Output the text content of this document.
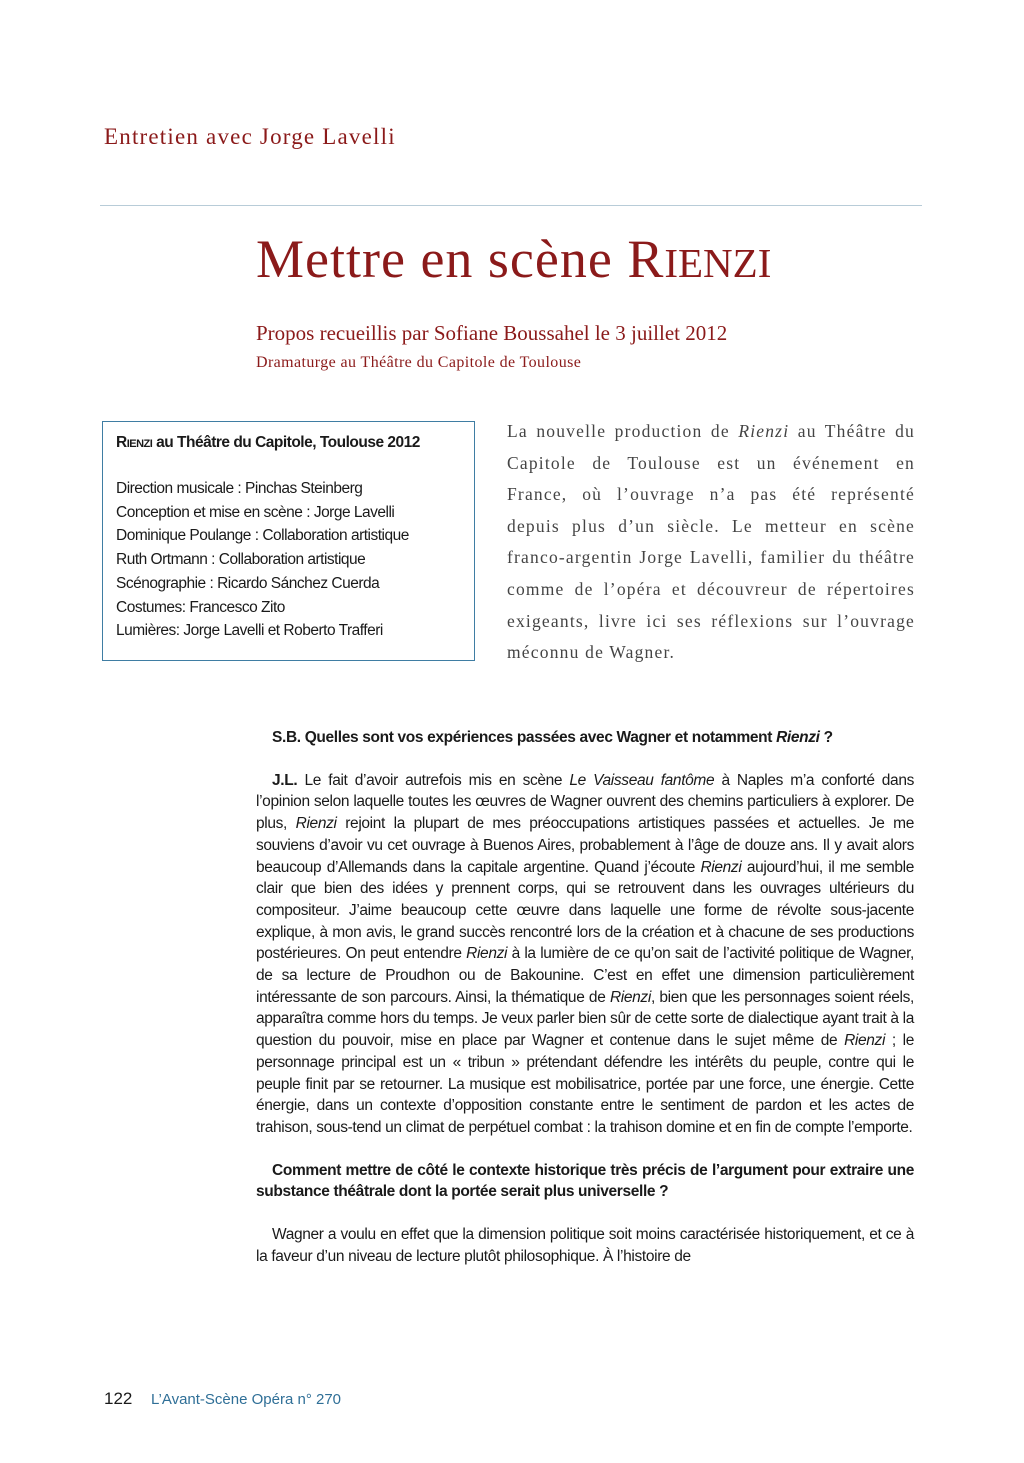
Entretien avec Jorge Lavelli
Mettre en scène RIENZI
Propos recueillis par Sofiane Boussahel le 3 juillet 2012
Dramaturge au Théâtre du Capitole de Toulouse
RIENZI au Théâtre du Capitole, Toulouse 2012
Direction musicale : Pinchas Steinberg
Conception et mise en scène : Jorge Lavelli
Dominique Poulange : Collaboration artistique
Ruth Ortmann : Collaboration artistique
Scénographie : Ricardo Sánchez Cuerda
Costumes: Francesco Zito
Lumières: Jorge Lavelli et Roberto Trafferi
La nouvelle production de Rienzi au Théâtre du Capitole de Toulouse est un événement en France, où l’ouvrage n’a pas été représenté depuis plus d’un siècle. Le metteur en scène franco-argentin Jorge Lavelli, familier du théâtre comme de l’opéra et découvreur de répertoires exigeants, livre ici ses réflexions sur l’ouvrage méconnu de Wagner.

S.B. Quelles sont vos expériences passées avec Wagner et notamment Rienzi ?

J.L. Le fait d’avoir autrefois mis en scène Le Vaisseau fantôme à Naples m’a conforté dans l’opinion selon laquelle toutes les œuvres de Wagner ouvrent des chemins particuliers à explorer. De plus, Rienzi rejoint la plupart de mes préoccupations artistiques passées et actuelles. Je me souviens d’avoir vu cet ouvrage à Buenos Aires, probablement à l’âge de douze ans. Il y avait alors beaucoup d’Allemands dans la capitale argentine. Quand j’écoute Rienzi aujourd’hui, il me semble clair que bien des idées y prennent corps, qui se retrouvent dans les ouvrages ultérieurs du compositeur. J’aime beaucoup cette œuvre dans laquelle une forme de révolte sous-jacente explique, à mon avis, le grand succès rencontré lors de la création et à chacune de ses productions postérieures. On peut entendre Rienzi à la lumière de ce qu’on sait de l’activité politique de Wagner, de sa lecture de Proudhon ou de Bakounine. C’est en effet une dimension particulièrement intéressante de son parcours. Ainsi, la thématique de Rienzi, bien que les personnages soient réels, apparaîtra comme hors du temps. Je veux parler bien sûr de cette sorte de dialectique ayant trait à la question du pouvoir, mise en place par Wagner et contenue dans le sujet même de Rienzi ; le personnage principal est un « tribun » prétendant défendre les intérêts du peuple, contre qui le peuple finit par se retourner. La musique est mobilisatrice, portée par une force, une énergie. Cette énergie, dans un contexte d’opposition constante entre le sentiment de pardon et les actes de trahison, sous-tend un climat de perpétuel combat : la trahison domine et en fin de compte l’emporte.

Comment mettre de côté le contexte historique très précis de l’argument pour extraire une substance théâtrale dont la portée serait plus universelle ?

Wagner a voulu en effet que la dimension politique soit moins caractérisée historiquement, et ce à la faveur d’un niveau de lecture plutôt philosophique. À l’histoire de

122 L’Avant-Scène Opéra n° 270
